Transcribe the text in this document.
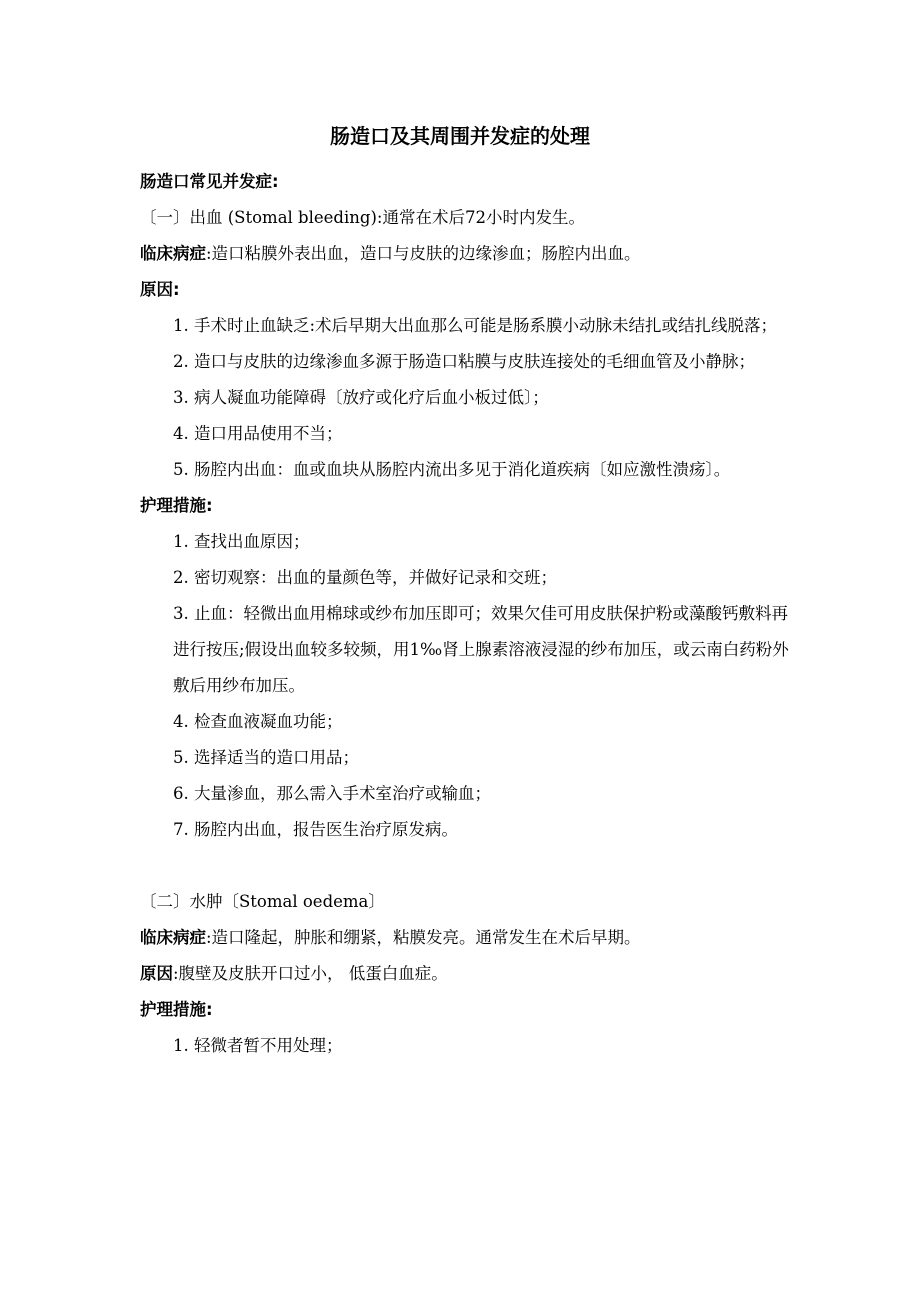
肠造口及其周围并发症的处理

肠造口常见并发症:

〔一〕出血 (Stomal bleeding):通常在术后72小时内发生。

临床病症:造口粘膜外表出血，造口与皮肤的边缘渗血；肠腔内出血。

原因:

1. 手术时止血缺乏:术后早期大出血那么可能是肠系膜小动脉未结扎或结扎线脱落；

2. 造口与皮肤的边缘渗血多源于肠造口粘膜与皮肤连接处的毛细血管及小静脉；

3. 病人凝血功能障碍〔放疗或化疗后血小板过低〕；

4. 造口用品使用不当；

5. 肠腔内出血：血或血块从肠腔内流出多见于消化道疾病〔如应激性溃疡〕。

护理措施:

1. 查找出血原因；

2. 密切观察：出血的量颜色等，并做好记录和交班；

3. 止血：轻微出血用棉球或纱布加压即可；效果欠佳可用皮肤保护粉或藻酸钙敷料再进行按压;假设出血较多较频，用1‰肾上腺素溶液浸湿的纱布加压，或云南白药粉外敷后用纱布加压。

4. 检查血液凝血功能；

5. 选择适当的造口用品；

6. 大量渗血，那么需入手术室治疗或输血；

7. 肠腔内出血，报告医生治疗原发病。

〔二〕水肿〔Stomal oedema〕

临床病症:造口隆起，肿胀和绷紧，粘膜发亮。通常发生在术后早期。

原因:腹壁及皮肤开口过小， 低蛋白血症。

护理措施:

1. 轻微者暂不用处理；
